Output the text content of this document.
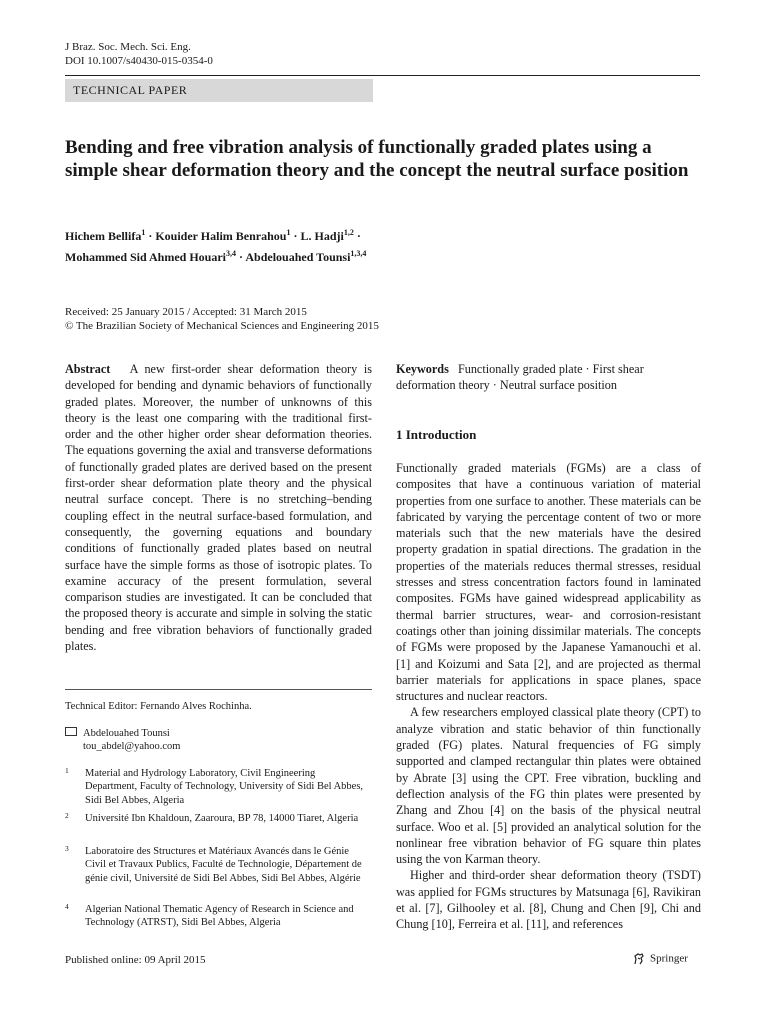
J Braz. Soc. Mech. Sci. Eng.
DOI 10.1007/s40430-015-0354-0
TECHNICAL PAPER
Bending and free vibration analysis of functionally graded plates using a simple shear deformation theory and the concept the neutral surface position
Hichem Bellifa$^1$ · Kouider Halim Benrahou$^1$ · L. Hadji$^{1,2}$ ·
Mohammed Sid Ahmed Houari$^{3,4}$ · Abdelouahed Tounsi$^{1,3,4}$
Received: 25 January 2015 / Accepted: 31 March 2015
© The Brazilian Society of Mechanical Sciences and Engineering 2015
Abstract A new first-order shear deformation theory is developed for bending and dynamic behaviors of functionally graded plates. Moreover, the number of unknowns of this theory is the least one comparing with the traditional first-order and the other higher order shear deformation theories. The equations governing the axial and transverse deformations of functionally graded plates are derived based on the present first-order shear deformation plate theory and the physical neutral surface concept. There is no stretching–bending coupling effect in the neutral surface-based formulation, and consequently, the governing equations and boundary conditions of functionally graded plates based on neutral surface have the simple forms as those of isotropic plates. To examine accuracy of the present formulation, several comparison studies are investigated. It can be concluded that the proposed theory is accurate and simple in solving the static bending and free vibration behaviors of functionally graded plates.
Keywords Functionally graded plate · First shear deformation theory · Neutral surface position
1 Introduction

Functionally graded materials (FGMs) are a class of composites that have a continuous variation of material properties from one surface to another. These materials can be fabricated by varying the percentage content of two or more materials such that the new materials have the desired property gradation in spatial directions. The gradation in the properties of the materials reduces thermal stresses, residual stresses and stress concentration factors found in laminated composites. FGMs have gained widespread applicability as thermal barrier structures, wear- and corrosion-resistant coatings other than joining dissimilar materials. The concepts of FGMs were proposed by the Japanese Yamanouchi et al. [1] and Koizumi and Sata [2], and are projected as thermal barrier materials for applications in space planes, space structures and nuclear reactors.

A few researchers employed classical plate theory (CPT) to analyze vibration and static behavior of thin functionally graded (FG) plates. Natural frequencies of FG simply supported and clamped rectangular thin plates were obtained by Abrate [3] using the CPT. Free vibration, buckling and deflection analysis of the FG thin plates were presented by Zhang and Zhou [4] on the basis of the physical neutral surface. Woo et al. [5] provided an analytical solution for the nonlinear free vibration behavior of FG square thin plates using the von Karman theory.

Higher and third-order shear deformation theory (TSDT) was applied for FGMs structures by Matsunaga [6], Ravikiran et al. [7], Gilhooley et al. [8], Chung and Chen [9], Chi and Chung [10], Ferreira et al. [11], and references

Technical Editor: Fernando Alves Rochinha.
Abdelouahed Tounsi
tou_abdel@yahoo.com
1 Material and Hydrology Laboratory, Civil Engineering Department, Faculty of Technology, University of Sidi Bel Abbes, Sidi Bel Abbes, Algeria
2 Université Ibn Khaldoun, Zaaroura, BP 78, 14000 Tiaret, Algeria
3 Laboratoire des Structures et Matériaux Avancés dans le Génie Civil et Travaux Publics, Faculté de Technologie, Département de génie civil, Université de Sidi Bel Abbes, Sidi Bel Abbes, Algérie
4 Algerian National Thematic Agency of Research in Science and Technology (ATRST), Sidi Bel Abbes, Algeria
Published online: 09 April 2015	Springer
